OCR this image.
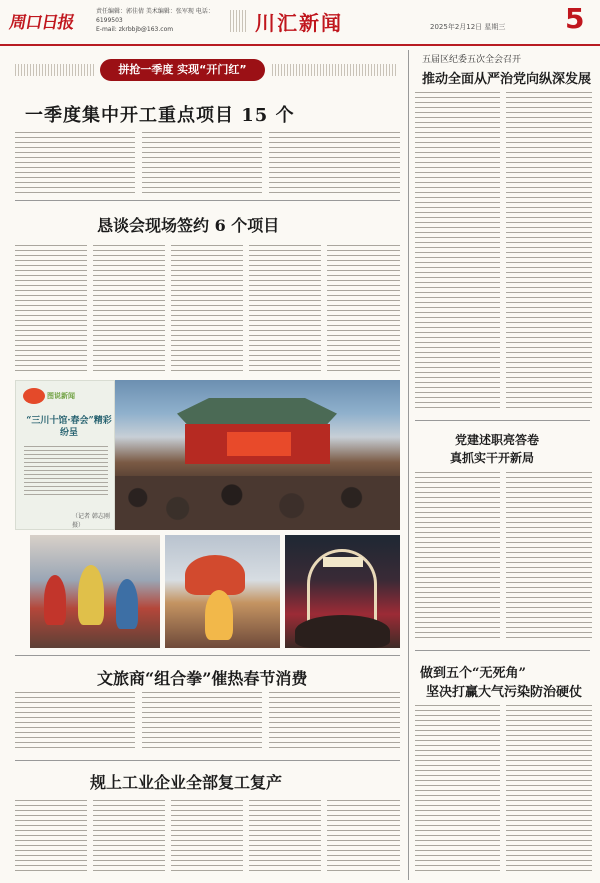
周口日报
责任编辑：郭佳倩 美术编辑：张军现 电话：6199503
E-mail: zkrbbjb@163.com	川汇新闻	2025年2月12日 星期三 5
拼抢一季度 实现“开门红”
一季度集中开工重点项目 15 个
恳谈会现场签约 6 个项目
图说新闻
“三川十馆·春会”精彩纷呈
（记者 韩志刚 摄）
文旅商“组合拳”催热春节消费
规上工业企业全部复工复产
五届区纪委五次全会召开
推动全面从严治党向纵深发展
党建述职亮答卷
真抓实干开新局
做到五个“无死角”
坚决打赢大气污染防治硬仗
